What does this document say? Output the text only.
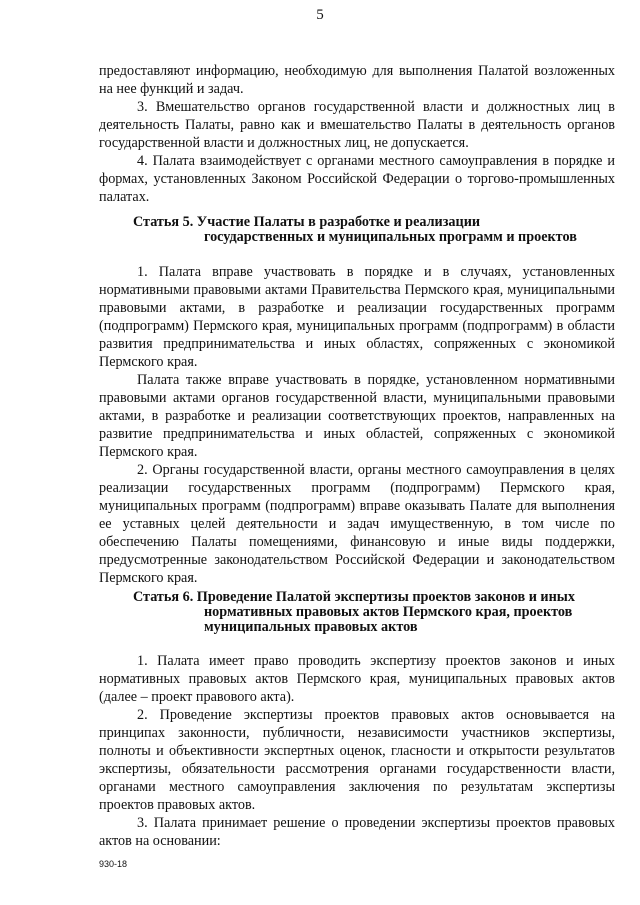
5

предоставляют информацию, необходимую для выполнения Палатой возложенных на нее функций и задач.

3. Вмешательство органов государственной власти и должностных лиц в деятельность Палаты, равно как и вмешательство Палаты в деятельность органов государственной власти и должностных лиц, не допускается.

4. Палата взаимодействует с органами местного самоуправления в порядке и формах, установленных Законом Российской Федерации о торгово-промышленных палатах.

Статья 5. Участие Палаты в разработке и реализации
государственных и муниципальных программ и проектов

1. Палата вправе участвовать в порядке и в случаях, установленных нормативными правовыми актами Правительства Пермского края, муниципальными правовыми актами, в разработке и реализации государственных программ (подпрограмм) Пермского края, муниципальных программ (подпрограмм) в области развития предпринимательства и иных областях, сопряженных с экономикой Пермского края.

Палата также вправе участвовать в порядке, установленном нормативными правовыми актами органов государственной власти, муниципальными правовыми актами, в разработке и реализации соответствующих проектов, направленных на развитие предпринимательства и иных областей, сопряженных с экономикой Пермского края.

2. Органы государственной власти, органы местного самоуправления в целях реализации государственных программ (подпрограмм) Пермского края, муниципальных программ (подпрограмм) вправе оказывать Палате для выполнения ее уставных целей деятельности и задач имущественную, в том числе по обеспечению Палаты помещениями, финансовую и иные виды поддержки, предусмотренные законодательством Российской Федерации и законодательством Пермского края.

Статья 6. Проведение Палатой экспертизы проектов законов и иных
нормативных правовых актов Пермского края, проектов
муниципальных правовых актов

1. Палата имеет право проводить экспертизу проектов законов и иных нормативных правовых актов Пермского края, муниципальных правовых актов (далее – проект правового акта).

2. Проведение экспертизы проектов правовых актов основывается на принципах законности, публичности, независимости участников экспертизы, полноты и объективности экспертных оценок, гласности и открытости результатов экспертизы, обязательности рассмотрения органами государственности власти, органами местного самоуправления заключения по результатам экспертизы проектов правовых актов.

3. Палата принимает решение о проведении экспертизы проектов правовых актов на основании:

930-18
